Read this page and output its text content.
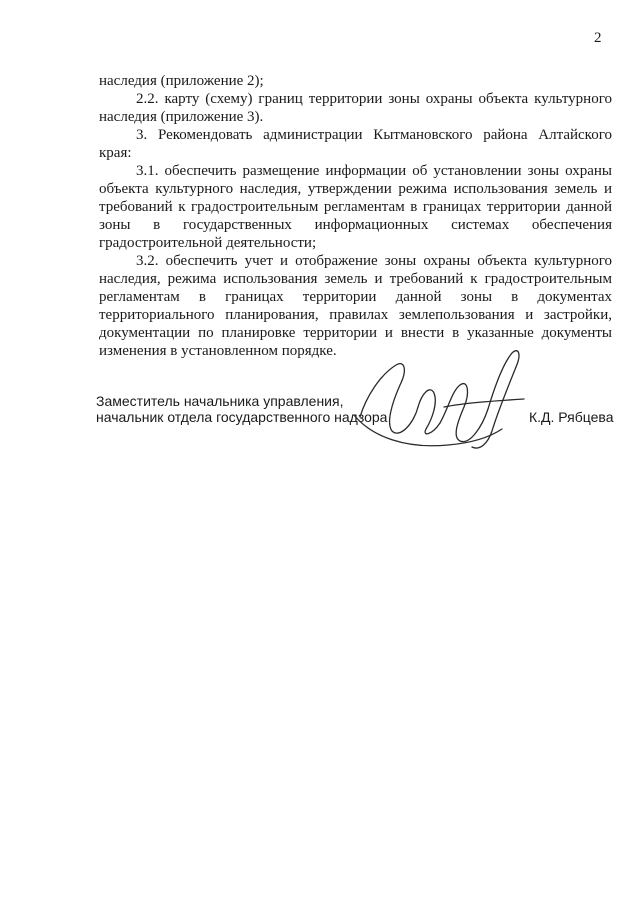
2

наследия (приложение 2);

2.2. карту (схему) границ территории зоны охраны объекта культурного наследия (приложение 3).

3. Рекомендовать администрации Кытмановского района Алтайского края:

3.1. обеспечить размещение информации об установлении зоны охраны объекта культурного наследия, утверждении режима использования земель и требований к градостроительным регламентам в границах территории данной зоны в государственных информационных системах обеспечения градостроительной деятельности;

3.2. обеспечить учет и отображение зоны охраны объекта культурного наследия, режима использования земель и требований к градостроительным регламентам в границах территории данной зоны в документах территориального планирования, правилах землепользования и застройки, документации по планировке территории и внести в указанные документы изменения в установленном порядке.

Заместитель начальника управления,
начальник отдела государственного надзора	К.Д. Рябцева
